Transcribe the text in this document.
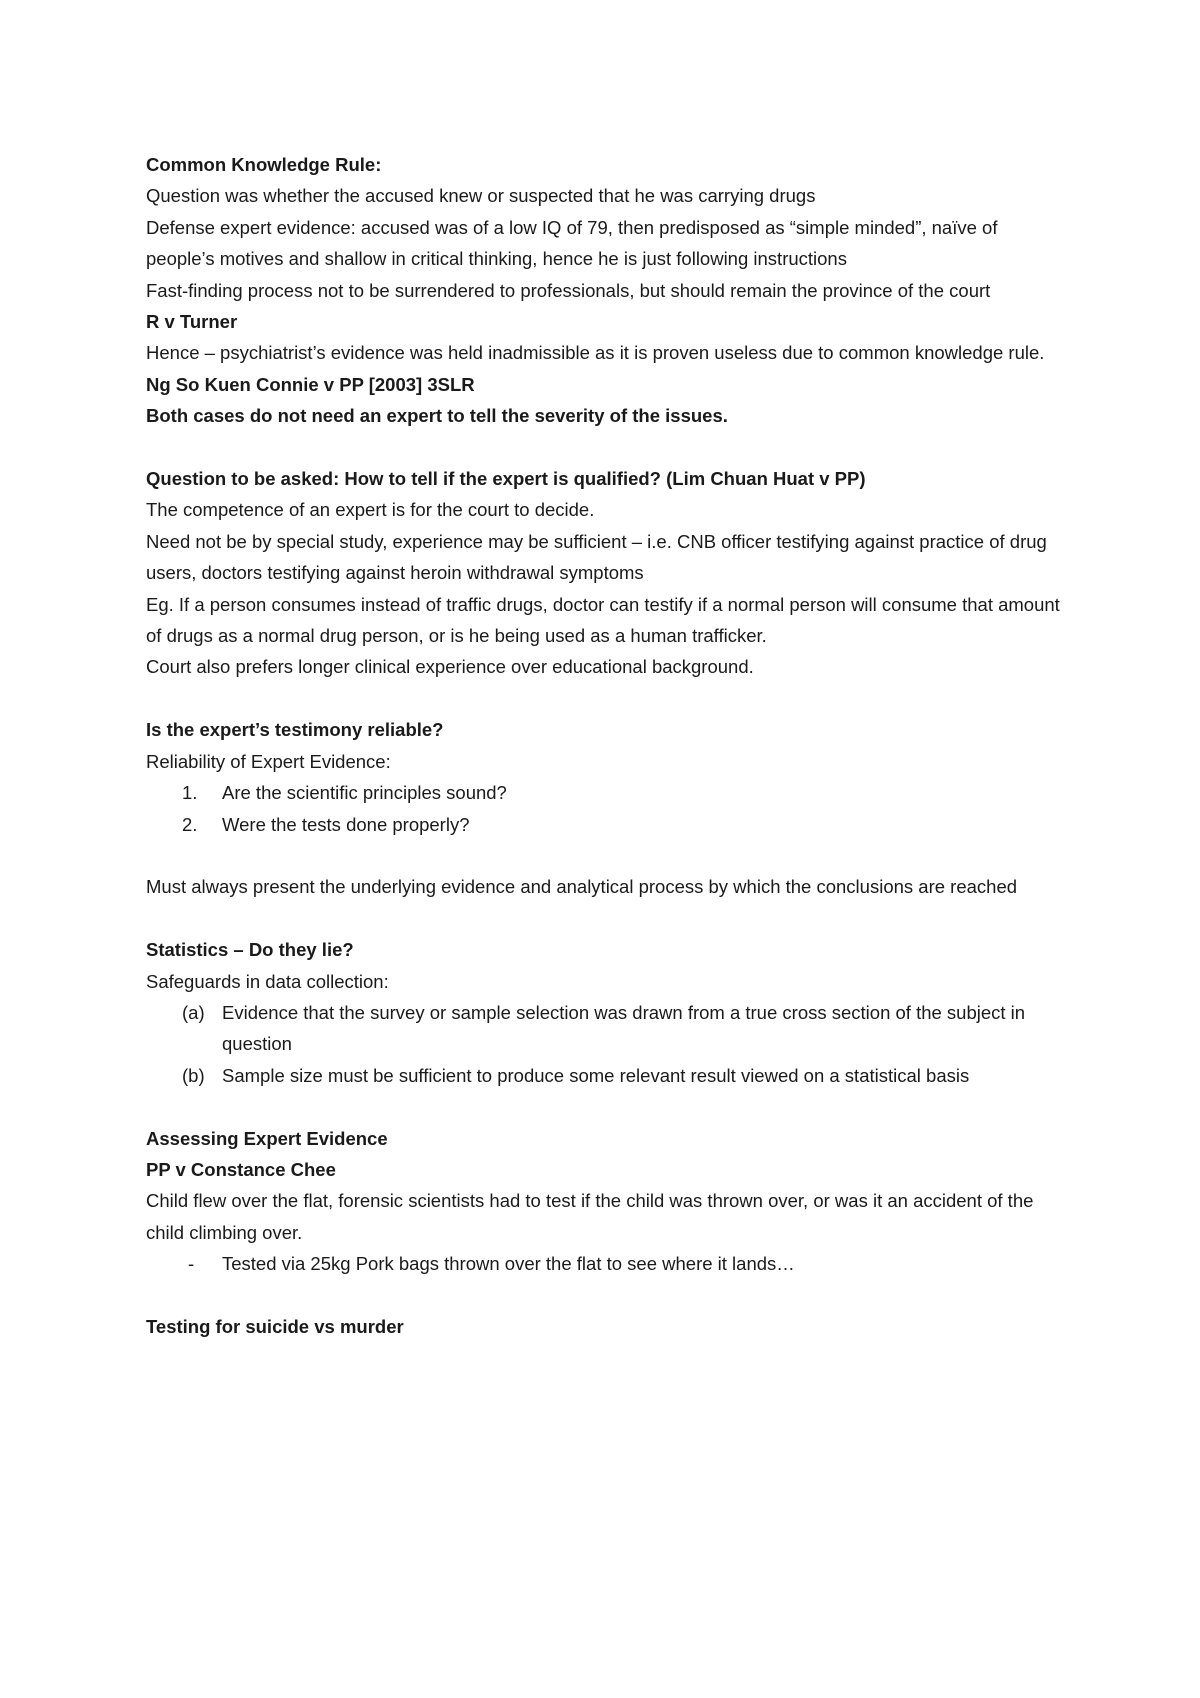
Common Knowledge Rule:

Question was whether the accused knew or suspected that he was carrying drugs

Defense expert evidence: accused was of a low IQ of 79, then predisposed as “simple minded”, naïve of people’s motives and shallow in critical thinking, hence he is just following instructions

Fast-finding process not to be surrendered to professionals, but should remain the province of the court

R v Turner

Hence – psychiatrist’s evidence was held inadmissible as it is proven useless due to common knowledge rule.

Ng So Kuen Connie v PP [2003] 3SLR

Both cases do not need an expert to tell the severity of the issues.

Question to be asked: How to tell if the expert is qualified? (Lim Chuan Huat v PP)

The competence of an expert is for the court to decide.

Need not be by special study, experience may be sufficient – i.e. CNB officer testifying against practice of drug users, doctors testifying against heroin withdrawal symptoms

Eg. If a person consumes instead of traffic drugs, doctor can testify if a normal person will consume that amount of drugs as a normal drug person, or is he being used as a human trafficker.

Court also prefers longer clinical experience over educational background.

Is the expert’s testimony reliable?

Reliability of Expert Evidence:

1.	Are the scientific principles sound?
2.	Were the tests done properly?

Must always present the underlying evidence and analytical process by which the conclusions are reached

Statistics – Do they lie?

Safeguards in data collection:

(a) Evidence that the survey or sample selection was drawn from a true cross section of the subject in question
(b) Sample size must be sufficient to produce some relevant result viewed on a statistical basis

Assessing Expert Evidence

PP v Constance Chee

Child flew over the flat, forensic scientists had to test if the child was thrown over, or was it an accident of the child climbing over.

-	Tested via 25kg Pork bags thrown over the flat to see where it lands…

Testing for suicide vs murder
